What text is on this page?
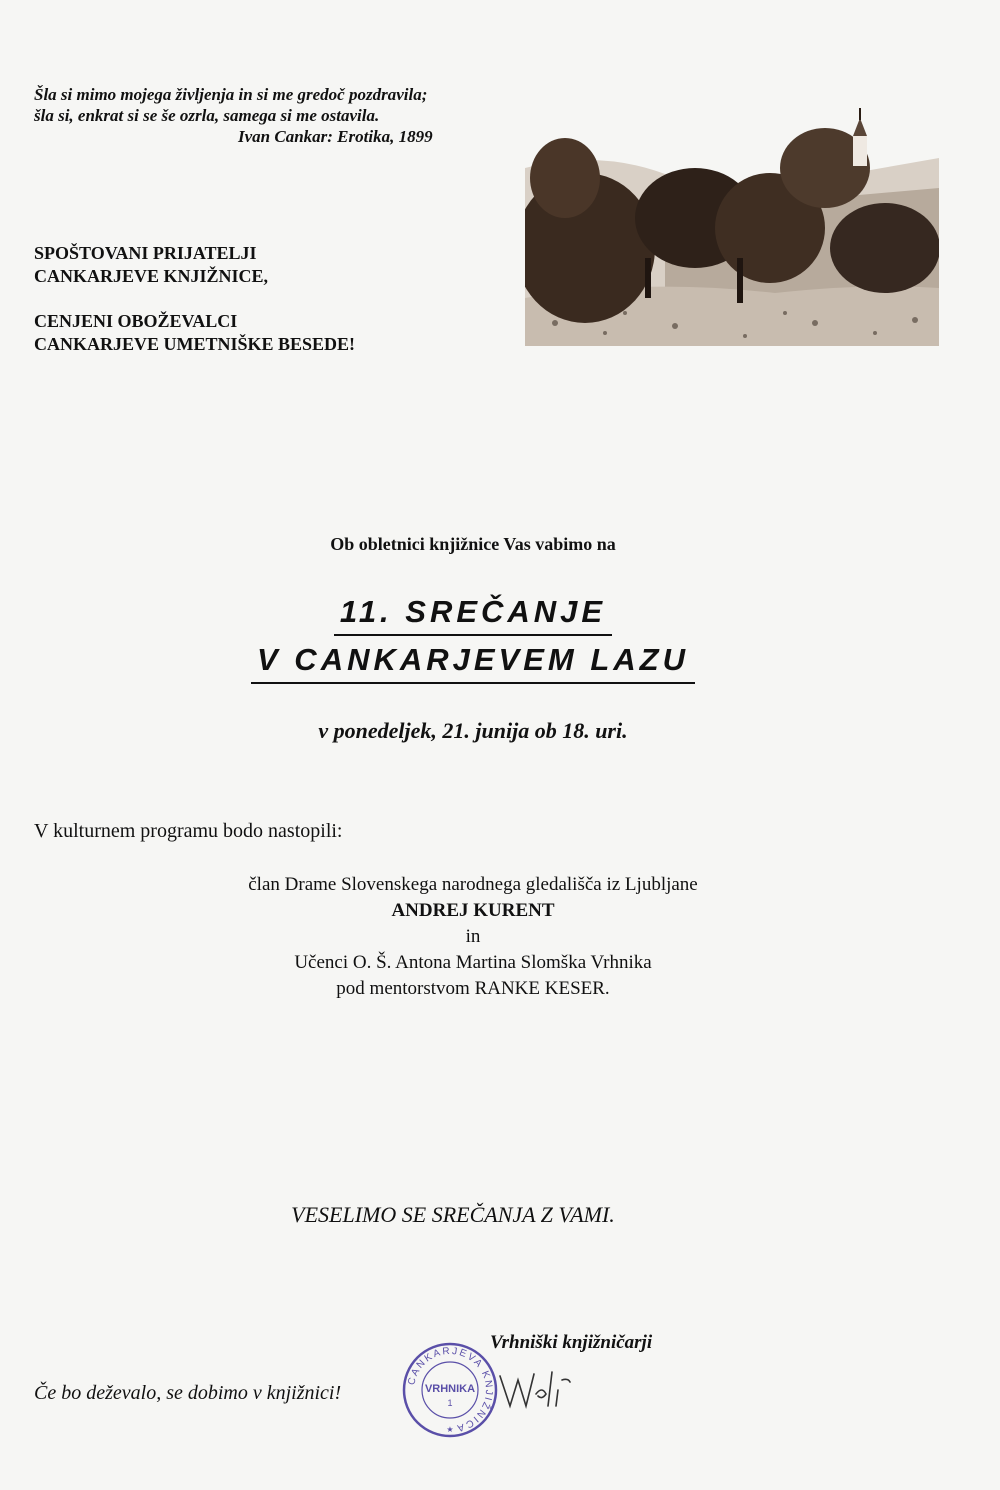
Šla si mimo mojega življenja in si me gredoč pozdravila;
šla si, enkrat si se še ozrla, samega si me ostavila.
Ivan Cankar: Erotika, 1899
SPOŠTOVANI PRIJATELJI
CANKARJEVE KNJIŽNICE,
CENJENI OBOŽEVALCI
CANKARJEVE UMETNIŠKE BESEDE!
Ob obletnici knjižnice Vas vabimo na
11. SREČANJE
V CANKARJEVEM LAZU
v ponedeljek, 21. junija ob 18. uri.
V kulturnem programu bodo nastopili:
član Drame Slovenskega narodnega gledališča iz Ljubljane
ANDREJ KURENT
in
Učenci O. Š. Antona Martina Slomška Vrhnika
pod mentorstvom RANKE KESER.
VESELIMO SE SREČANJA Z VAMI.
Vrhniški knjižničarji
Če bo deževalo, se dobimo v knjižnici!
CANKARJEVA KNJIŽNICA
VRHNIKA
1
★
